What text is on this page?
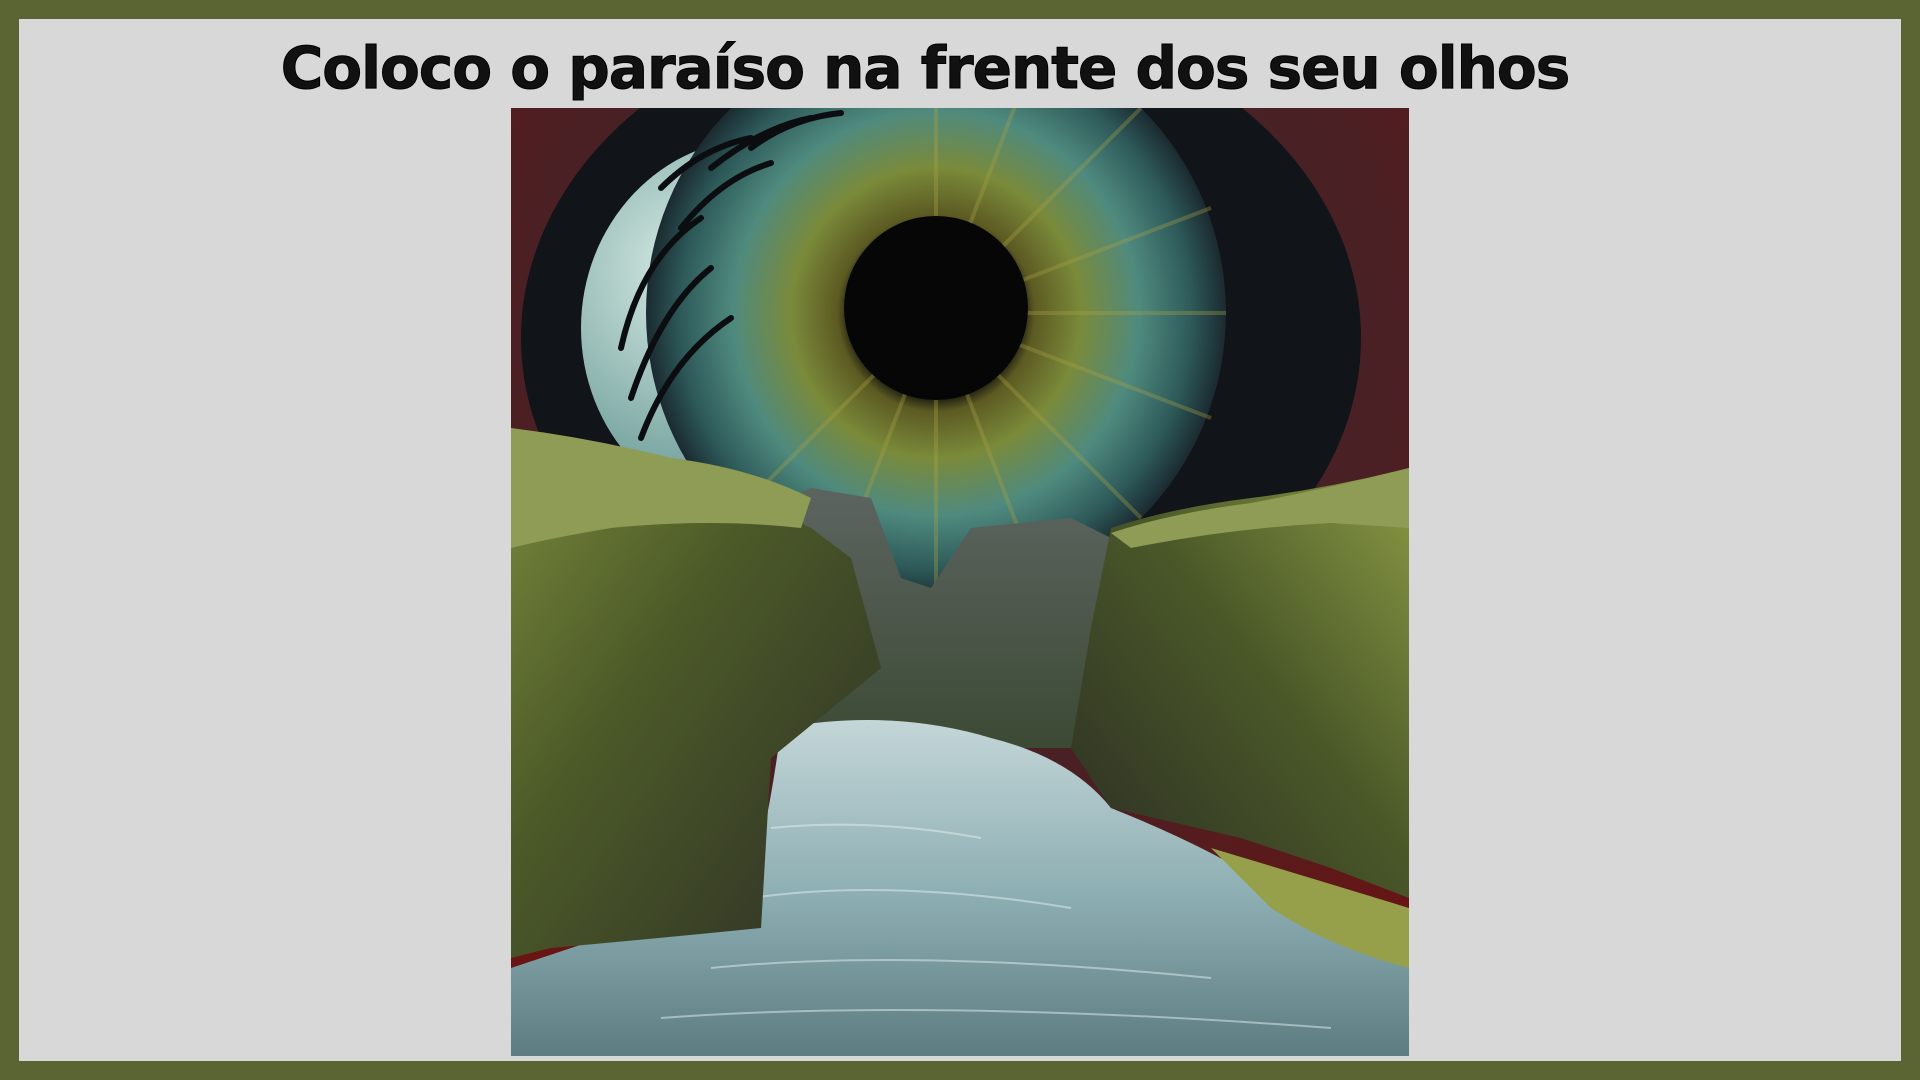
Coloco o paraíso na frente dos seu olhos
